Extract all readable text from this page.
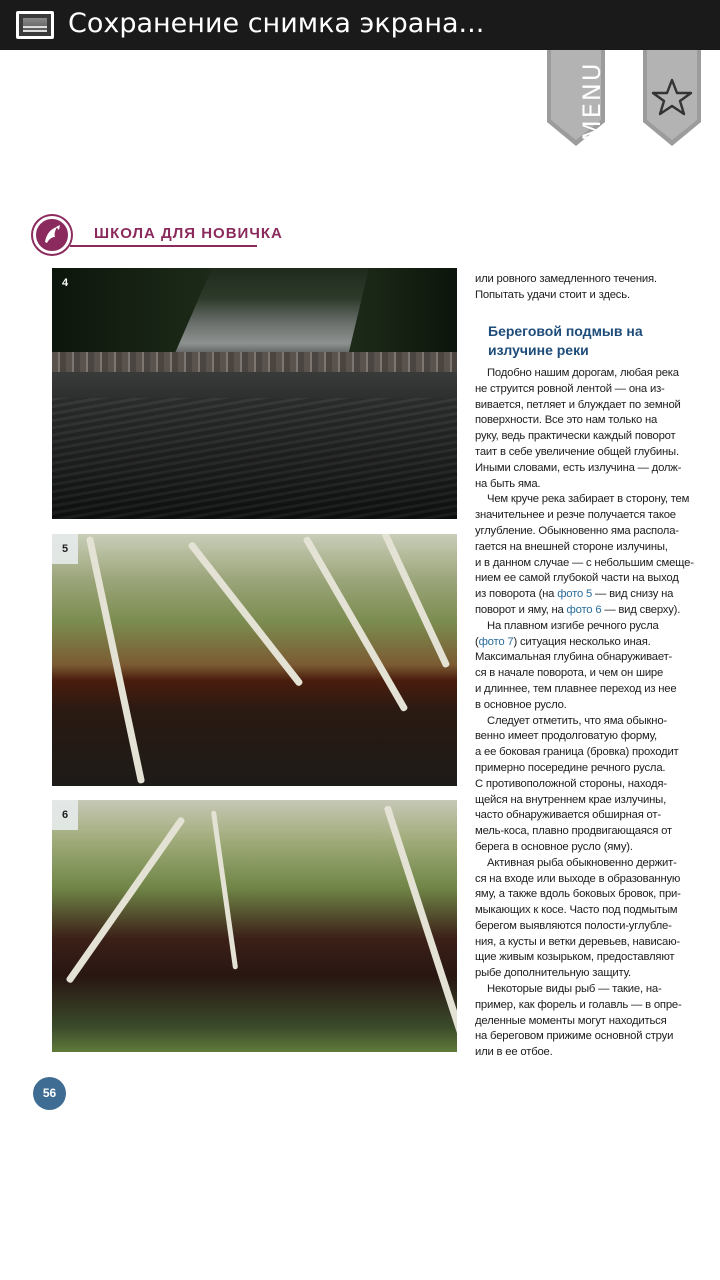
Сохранение снимка экрана...
MENU
ШКОЛА ДЛЯ НОВИЧКА
4
5
6

или ровного замедленного течения.

Попытать удачи стоит и здесь.

Береговой подмыв на
излучине реки

Подобно нашим дорогам, любая река

не струится ровной лентой — она из-

вивается, петляет и блуждает по земной

поверхности. Все это нам только на

руку, ведь практически каждый поворот

таит в себе увеличение общей глубины.

Иными словами, есть излучина — долж-

на быть яма.

Чем круче река забирает в сторону, тем

значительнее и резче получается такое

углубление. Обыкновенно яма распола-

гается на внешней стороне излучины,

и в данном случае — с небольшим смеще-

нием ее самой глубокой части на выход

из поворота (на фото 5 — вид снизу на

поворот и яму, на фото 6 — вид сверху).

На плавном изгибе речного русла

(фото 7) ситуация несколько иная.

Максимальная глубина обнаруживает-

ся в начале поворота, и чем он шире

и длиннее, тем плавнее переход из нее

в основное русло.

Следует отметить, что яма обыкно-

венно имеет продолговатую форму,

а ее боковая граница (бровка) проходит

примерно посередине речного русла.

С противоположной стороны, находя-

щейся на внутреннем крае излучины,

часто обнаруживается обширная от-

мель-коса, плавно продвигающаяся от

берега в основное русло (яму).

Активная рыба обыкновенно держит-

ся на входе или выходе в образованную

яму, а также вдоль боковых бровок, при-

мыкающих к косе. Часто под подмытым

берегом выявляются полости-углубле-

ния, а кусты и ветки деревьев, нависаю-

щие живым козырьком, предоставляют

рыбе дополнительную защиту.

Некоторые виды рыб — такие, на-

пример, как форель и голавль — в опре-

деленные моменты могут находиться

на береговом прижиме основной струи

или в ее отбое.

56
